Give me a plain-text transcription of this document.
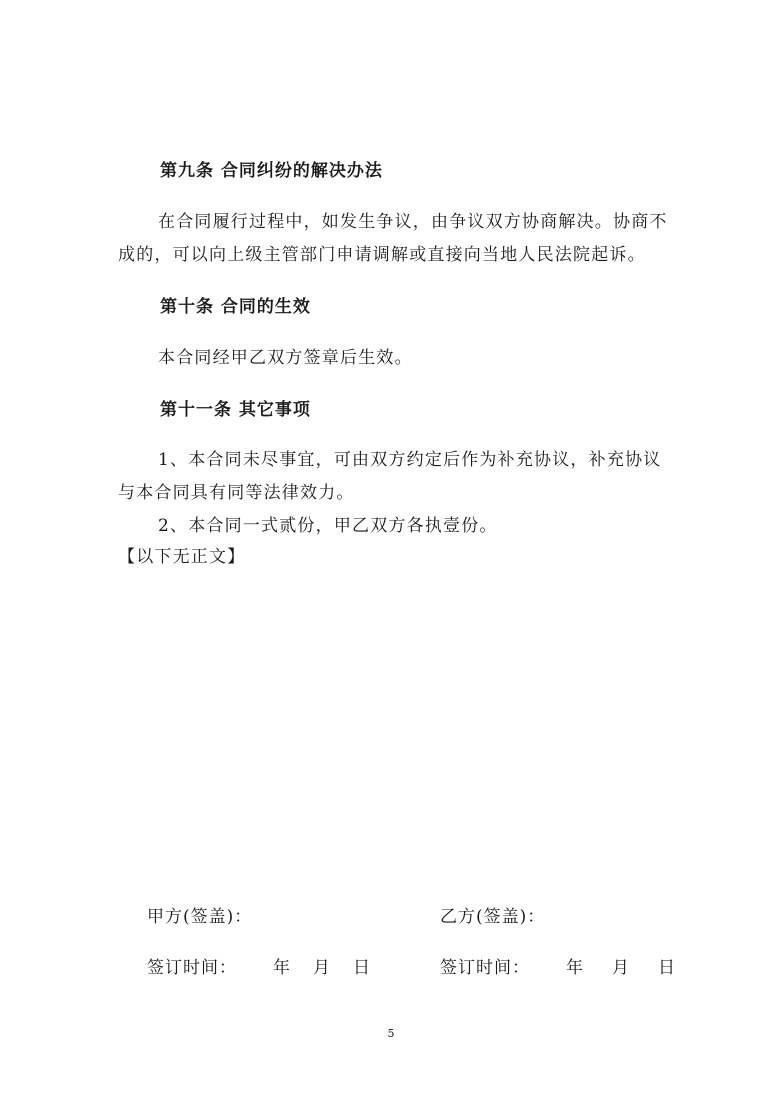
第九条 合同纠纷的解决办法
在合同履行过程中，如发生争议，由争议双方协商解决。协商不
成的，可以向上级主管部门申请调解或直接向当地人民法院起诉。
第十条 合同的生效
本合同经甲乙双方签章后生效。
第十一条 其它事项
1、本合同未尽事宜，可由双方约定后作为补充协议，补充协议
与本合同具有同等法律效力。
2、本合同一式贰份，甲乙双方各执壹份。
【以下无正文】
甲方(签盖)：	乙方(签盖)：
签订时间： 年 月 日	签订时间： 年 月 日
5
